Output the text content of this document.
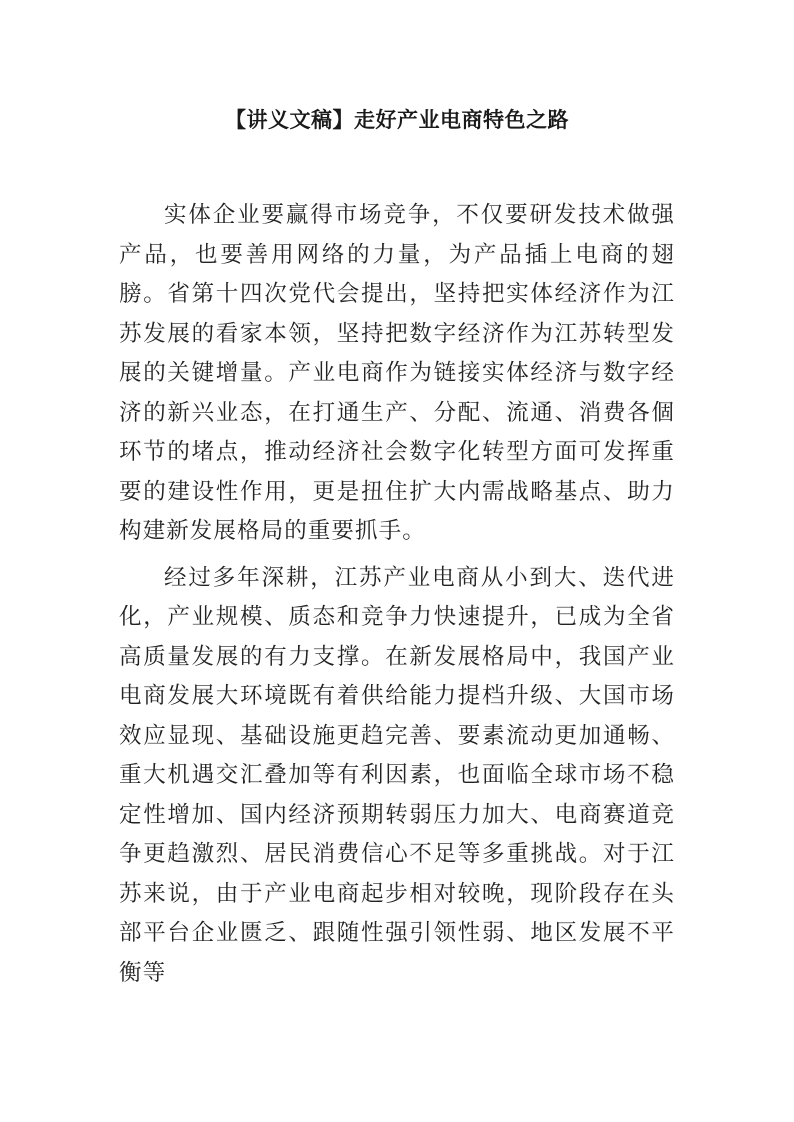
【讲义文稿】走好产业电商特色之路

实体企业要赢得市场竞争，不仅要研发技术做强产品，也要善用网络的力量，为产品插上电商的翅膀。省第十四次党代会提出，坚持把实体经济作为江苏发展的看家本领，坚持把数字经济作为江苏转型发展的关键增量。产业电商作为链接实体经济与数字经济的新兴业态，在打通生产、分配、流通、消费各個环节的堵点，推动经济社会数字化转型方面可发挥重要的建设性作用，更是扭住扩大内需战略基点、助力构建新发展格局的重要抓手。

经过多年深耕，江苏产业电商从小到大、迭代进化，产业规模、质态和竞争力快速提升，已成为全省高质量发展的有力支撑。在新发展格局中，我国产业电商发展大环境既有着供给能力提档升级、大国市场效应显现、基础设施更趋完善、要素流动更加通畅、重大机遇交汇叠加等有利因素，也面临全球市场不稳定性增加、国内经济预期转弱压力加大、电商赛道竞争更趋激烈、居民消费信心不足等多重挑战。对于江苏来说，由于产业电商起步相对较晚，现阶段存在头部平台企业匮乏、跟随性强引领性弱、地区发展不平衡等
